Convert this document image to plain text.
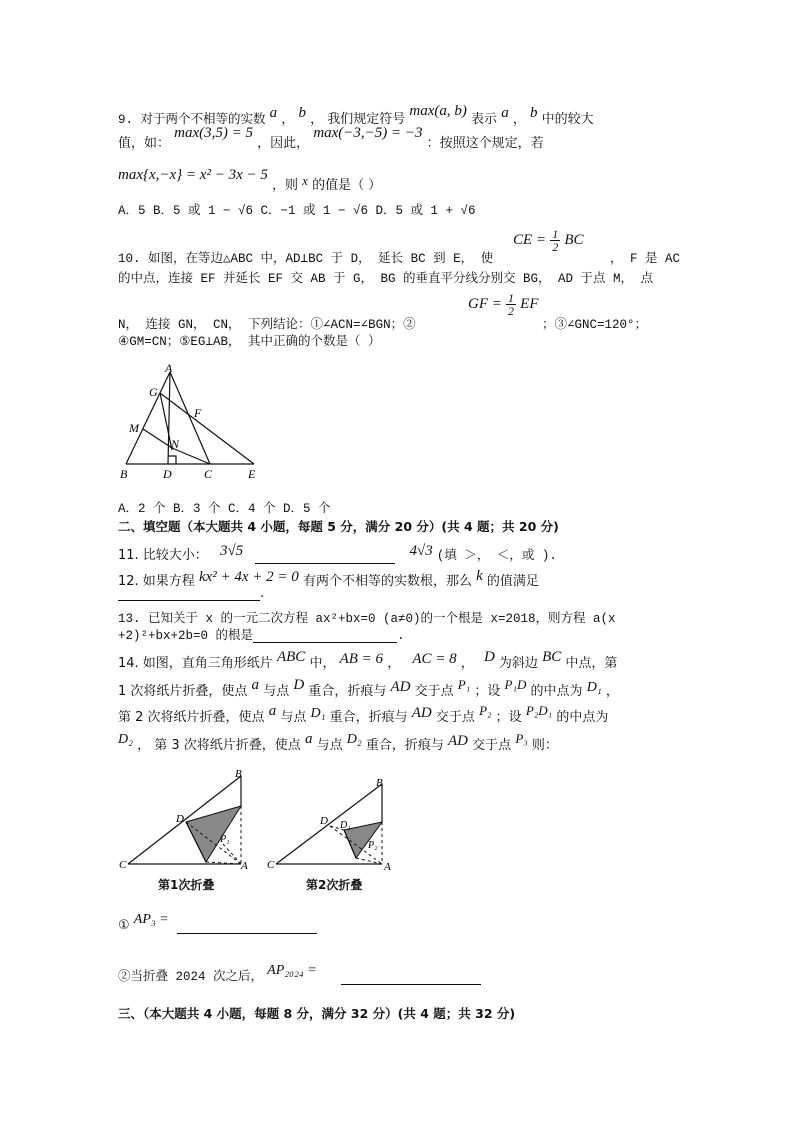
9. 对于两个不相等的实数 a ， b ， 我们规定符号 max(a, b) 表示 a ， b 中的较大
值，如： max(3,5) = 5 ，因此， max(−3,−5) = −3 ：按照这个规定，若
max{x,−x} = x² − 3x − 5 ，则 x 的值是（ ）
A．5 B．5 或 1 − √6 C．−1 或 1 − √6 D．5 或 1 + √6
10. 如图，在等边△ABC 中，AD⊥BC 于 D， 延长 BC 到 E， 使
CE = $\frac{1}{2}$ BC
， F 是 AC
的中点，连接 EF 并延长 EF 交 AB 于 G， BG 的垂直平分线分别交 BG， AD 于点 M， 点
GF = $\frac{1}{2}$ EF
N， 连接 GN， CN， 下列结论：①∠ACN=∠BGN；②	；③∠GNC=120°；
④GM=CN；⑤EG⊥AB， 其中正确的个数是（ ）
A
G
F
M
N
B	D	C	E
A．2 个 B．3 个 C．4 个 D．5 个
二、填空题（本大题共 4 小题，每题 5 分，满分 20 分）(共 4 题；共 20 分)
11. 比较大小： 3√5	4√3 (填 ＞， ＜，或 ).
12. 如果方程 kx² + 4x + 2 = 0 有两个不相等的实数根，那么 k 的值满足
.
13. 已知关于 x 的一元二次方程 ax²+bx=0 (a≠0)的一个根是 x=2018，则方程 a(x
+2)²+bx+2b=0 的根是	.
14. 如图，直角三角形纸片 ABC 中， AB = 6 ， AC = 8 ， D 为斜边 BC 中点，第
1 次将纸片折叠，使点 a 与点 D 重合，折痕与 AD 交于点 P₁ ；设 P₁D 的中点为 D₁ ，
第 2 次将纸片折叠，使点 a 与点 D₁ 重合，折痕与 AD 交于点 P₂ ；设 P₂D₁ 的中点为
D₂ ， 第 3 次将纸片折叠，使点 a 与点 D₂ 重合，折痕与 AD 交于点 P₃ 则：
B
D
P₁
C	A
第1次折叠
B
D D₁
P₂
C	A
第2次折叠
① AP₃ =
②当折叠 2024 次之后， AP₂₀₂₄ =
三、（本大题共 4 小题，每题 8 分，满分 32 分）(共 4 题；共 32 分)
